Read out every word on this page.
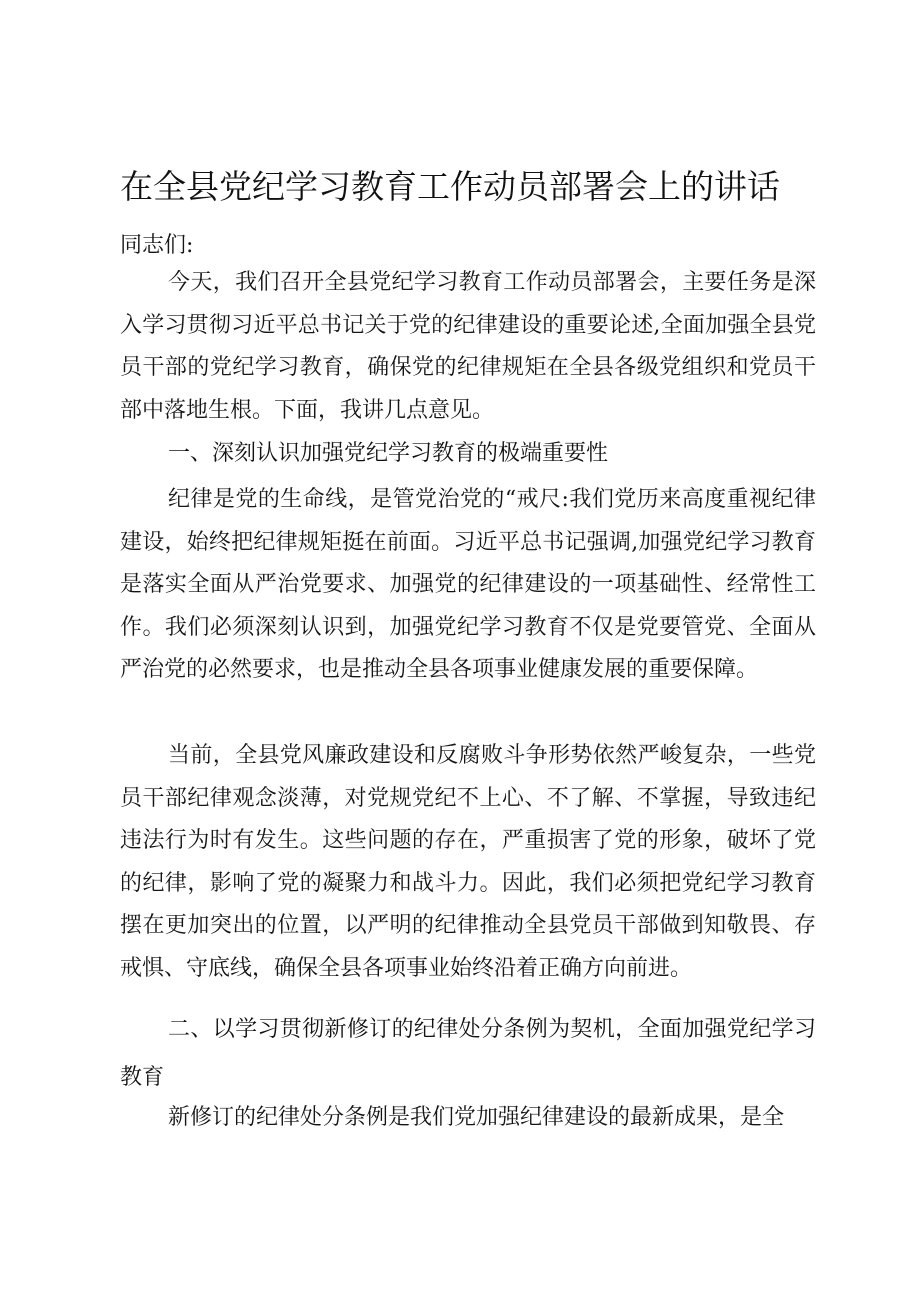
在全县党纪学习教育工作动员部署会上的讲话

同志们:

今天，我们召开全县党纪学习教育工作动员部署会，主要任务是深入学习贯彻习近平总书记关于党的纪律建设的重要论述,全面加强全县党员干部的党纪学习教育，确保党的纪律规矩在全县各级党组织和党员干部中落地生根。下面，我讲几点意见。

一、深刻认识加强党纪学习教育的极端重要性

纪律是党的生命线，是管党治党的“戒尺:我们党历来高度重视纪律建设，始终把纪律规矩挺在前面。习近平总书记强调,加强党纪学习教育是落实全面从严治党要求、加强党的纪律建设的一项基础性、经常性工作。我们必须深刻认识到，加强党纪学习教育不仅是党要管党、全面从严治党的必然要求，也是推动全县各项事业健康发展的重要保障。

当前，全县党风廉政建设和反腐败斗争形势依然严峻复杂，一些党员干部纪律观念淡薄，对党规党纪不上心、不了解、不掌握，导致违纪违法行为时有发生。这些问题的存在，严重损害了党的形象，破坏了党的纪律，影响了党的凝聚力和战斗力。因此，我们必须把党纪学习教育摆在更加突出的位置，以严明的纪律推动全县党员干部做到知敬畏、存戒惧、守底线，确保全县各项事业始终沿着正确方向前进。

二、以学习贯彻新修订的纪律处分条例为契机，全面加强党纪学习教育

新修订的纪律处分条例是我们党加强纪律建设的最新成果，是全
